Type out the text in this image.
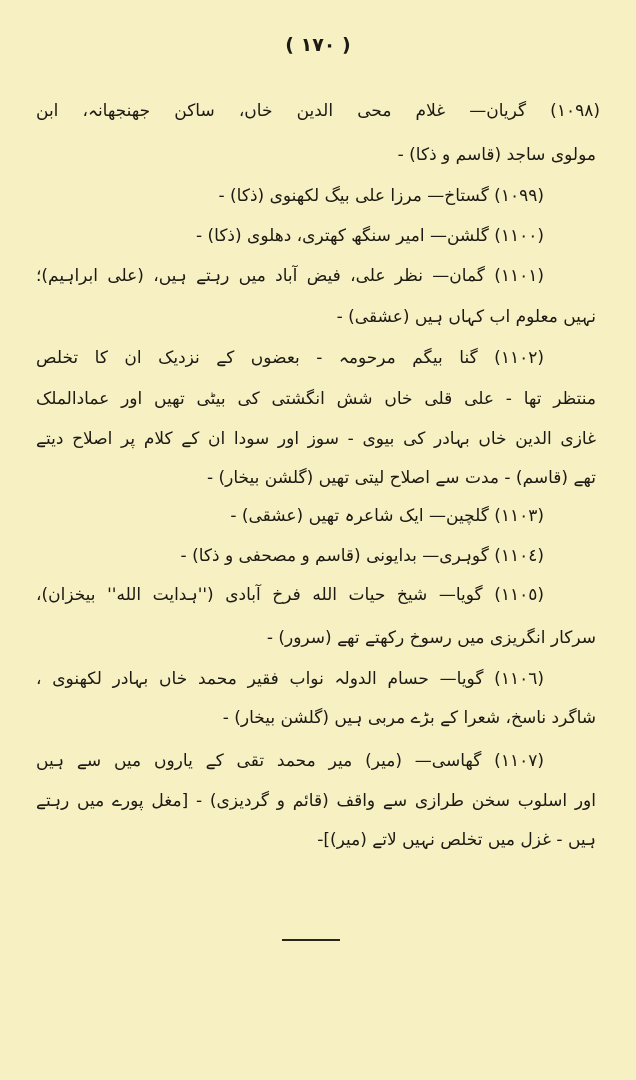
( ١٧٠ )
(١٠٩٨) گریان— غلام محی الدین خاں، ساکن جھنجھانہ، ابن
مولوی ساجد (قاسم و ذکا) -
(١٠٩٩) گستاخ— مرزا علی بیگ لکھنوی (ذکا) -
(١١٠٠) گلشن— امیر سنگھ کھتری، دهلوی (ذکا) -
(١١٠١) گمان— نظر علی، فیض آباد میں رہتے ہیں، (علی ابراہیم)؛
نہیں معلوم اب کہاں ہیں (عشقی) -
(١١٠٢) گنا بیگم مرحومہ - بعضوں کے نزدیک ان کا تخلص
منتظر تھا - علی قلی خاں شش انگشتی کی بیٹی تھیں اور عمادالملک
غازی الدین خاں بہادر کی بیوی - سوز اور سودا ان کے کلام پر اصلاح دیتے
تھے (قاسم) - مدت سے اصلاح لیتی تھیں (گلشن بیخار) -
(١١٠٣) گلچین— ایک شاعرہ تھیں (عشقی) -
(١١٠٤) گوہری— بدایونی (قاسم و مصحفی و ذکا) -
(١١٠٥) گویا— شیخ حیات الله فرخ آبادی (''ہدایت الله'' بیخزان)،
سرکار انگریزی میں رسوخ رکھتے تھے (سرور) -
(١١٠٦) گویا— حسام الدولہ نواب فقیر محمد خاں بہادر لکھنوی ،
شاگرد ناسخ، شعرا کے بڑے مربی ہیں (گلشن بیخار) -
(١١٠٧) گھاسی— (میر) میر محمد تقی کے یاروں میں سے ہیں
اور اسلوب سخن طرازی سے واقف (قائم و گردیزی) - [مغل پورے میں رہتے
ہیں - غزل میں تخلص نہیں لاتے (میر)]-
